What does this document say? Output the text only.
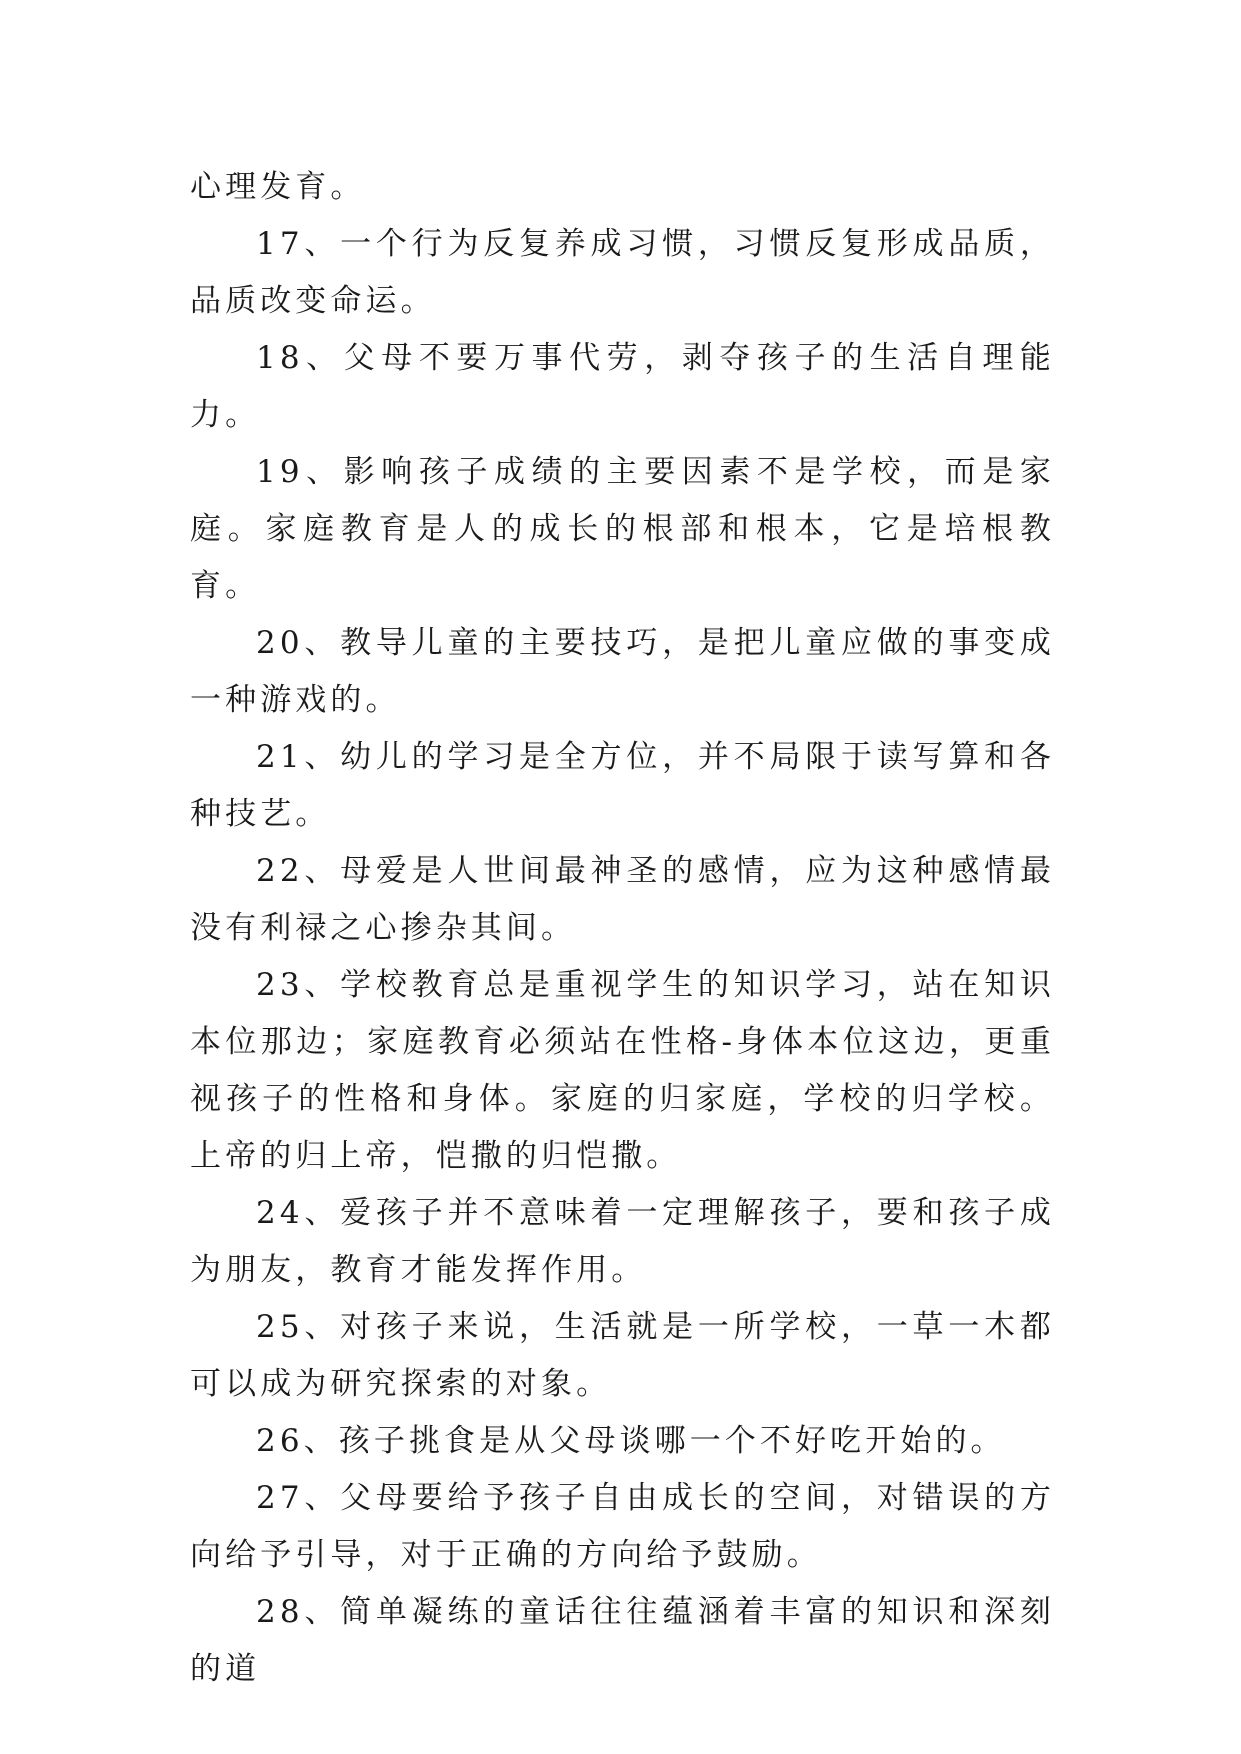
心理发育。

17、一个行为反复养成习惯，习惯反复形成品质，品质改变命运。

18、父母不要万事代劳，剥夺孩子的生活自理能力。

19、影响孩子成绩的主要因素不是学校，而是家庭。家庭教育是人的成长的根部和根本，它是培根教育。

20、教导儿童的主要技巧，是把儿童应做的事变成一种游戏的。

21、幼儿的学习是全方位，并不局限于读写算和各种技艺。

22、母爱是人世间最神圣的感情，应为这种感情最没有利禄之心掺杂其间。

23、学校教育总是重视学生的知识学习，站在知识本位那边；家庭教育必须站在性格-身体本位这边，更重视孩子的性格和身体。家庭的归家庭，学校的归学校。上帝的归上帝，恺撒的归恺撒。

24、爱孩子并不意味着一定理解孩子，要和孩子成为朋友，教育才能发挥作用。

25、对孩子来说，生活就是一所学校，一草一木都可以成为研究探索的对象。

26、孩子挑食是从父母谈哪一个不好吃开始的。

27、父母要给予孩子自由成长的空间，对错误的方向给予引导，对于正确的方向给予鼓励。

28、简单凝练的童话往往蕴涵着丰富的知识和深刻的道
